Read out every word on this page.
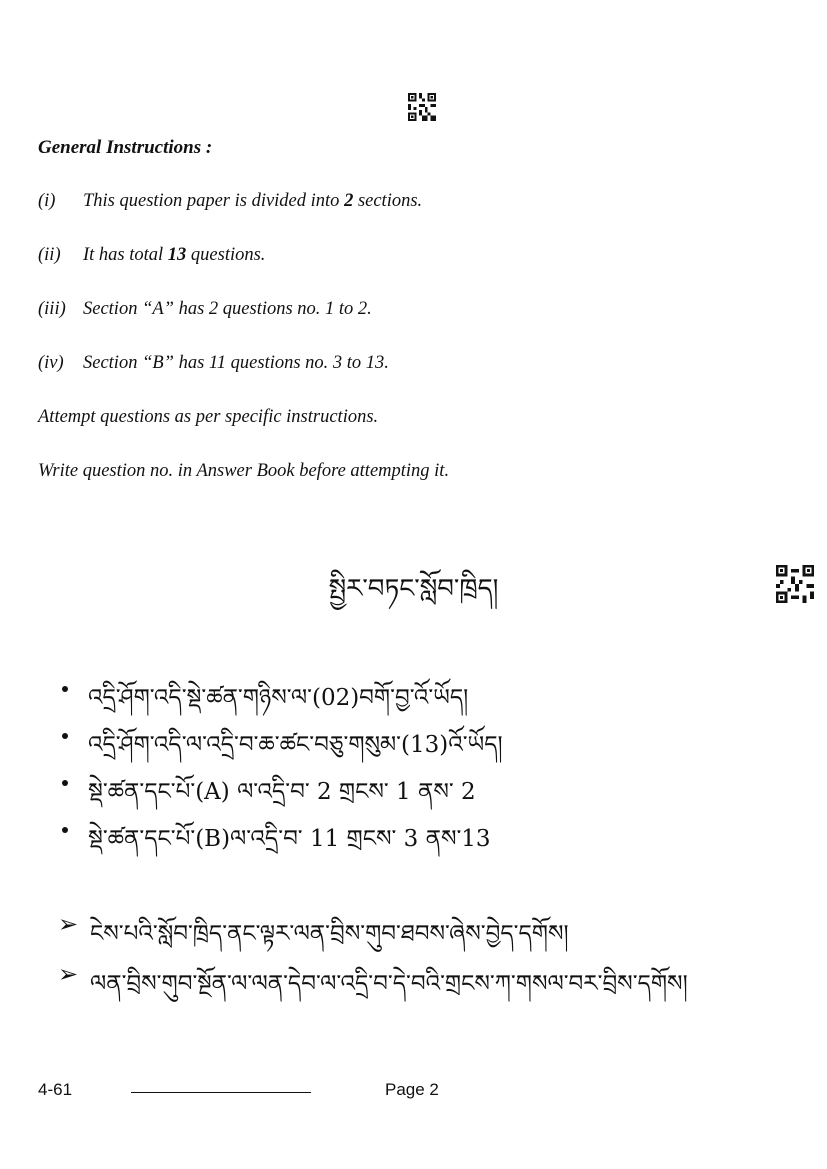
General Instructions :
(i) This question paper is divided into 2 sections.
(ii) It has total 13 questions.
(iii) Section “A” has 2 questions no. 1 to 2.
(iv) Section “B” has 11 questions no. 3 to 13.
Attempt questions as per specific instructions.
Write question no. in Answer Book before attempting it.
སྤྱིར་བཏང་སློབ་ཁྲིད།
འདྲི་ཤོག་འདི་སྡེ་ཚན་གཉིས་ལ་(02)བགོ་བྱ་འོ་ཡོད།
འདྲི་ཤོག་འདི་ལ་འདྲི་བ་ཆ་ཚང་བཅུ་གསུམ་(13)འོ་ཡོད།
སྡེ་ཚན་དང་པོ་(A) ལ་འདྲི་བ་ 2 གྲངས་ 1 ནས་ 2
སྡེ་ཚན་དང་པོ་(B)ལ་འདྲི་བ་ 11 གྲངས་ 3 ནས་13
➢ ངེས་པའི་སློབ་ཁྲིད་ནང་ལྟར་ལན་བྲིས་གུབ་ཐབས་ཞེས་བྱེད་དགོས།
➢ ལན་བྲིས་གུབ་སྔོན་ལ་ལན་དེབ་ལ་འདྲི་བ་དེ་བའི་གྲངས་ཀ་གསལ་བར་བྲིས་དགོས།
4-61	Page 2
